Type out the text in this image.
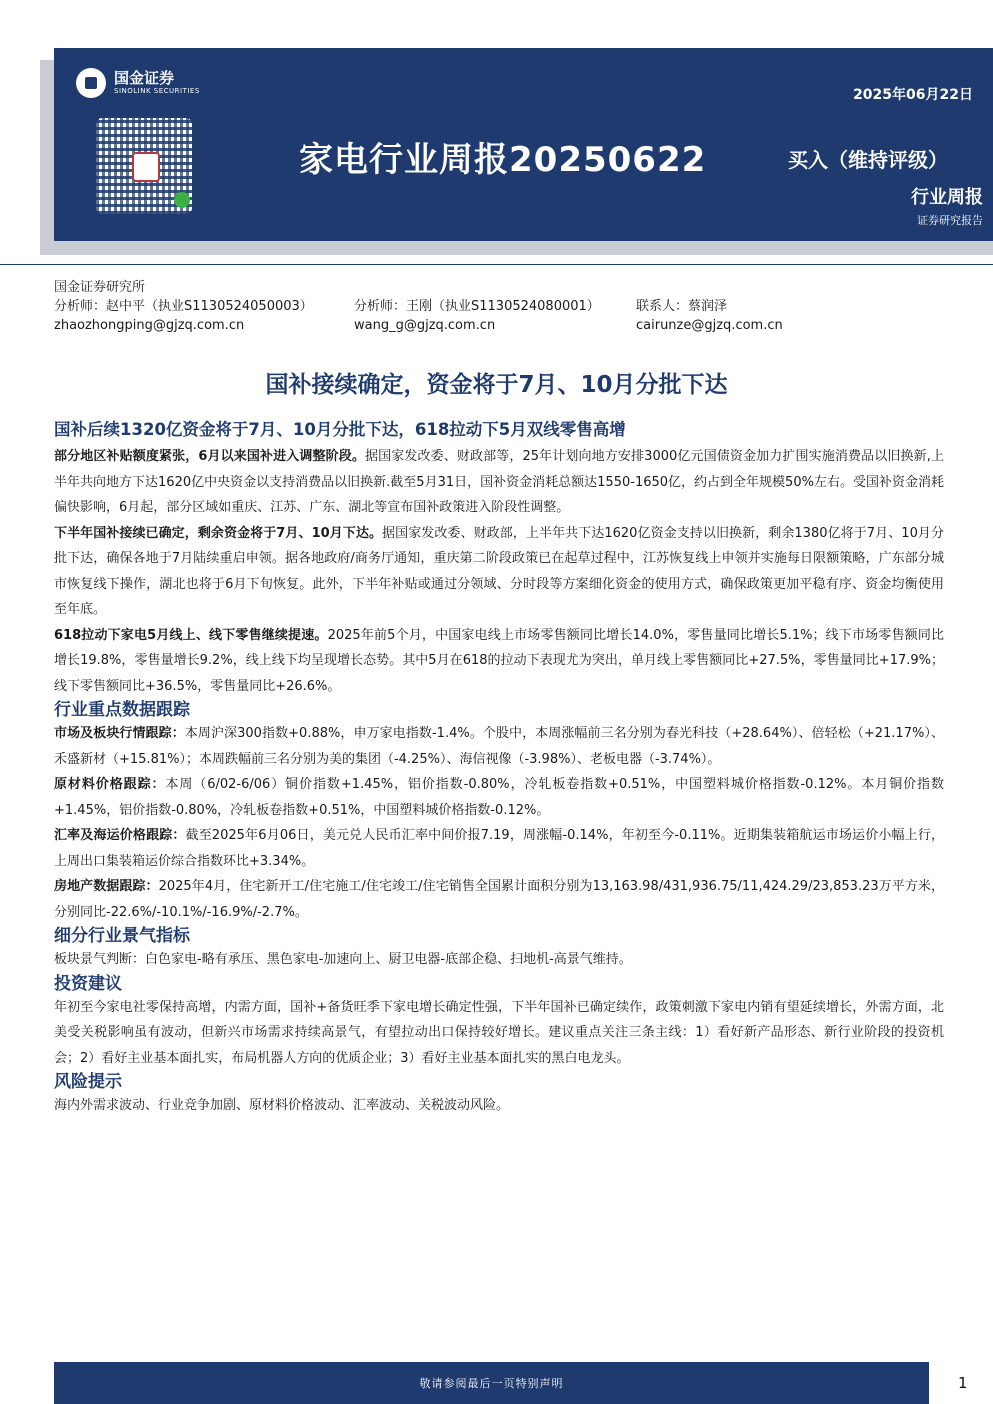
国金证券
SINOLINK SECURITIES	2025年06月22日
家电行业周报20250622	买入（维持评级）
行业周报
证券研究报告
国金证券研究所
分析师：赵中平（执业S1130524050003）	分析师：王刚（执业S1130524080001）	联系人：蔡润泽
zhaozhongping@gjzq.com.cn	wang_g@gjzq.com.cn	cairunze@gjzq.com.cn
国补接续确定，资金将于7月、10月分批下达
国补后续1320亿资金将于7月、10月分批下达，618拉动下5月双线零售高增

部分地区补贴额度紧张，6月以来国补进入调整阶段。据国家发改委、财政部等，25年计划向地方安排3000亿元国债资金加力扩围实施消费品以旧换新,上半年共向地方下达1620亿中央资金以支持消费品以旧换新.截至5月31日，国补资金消耗总额达1550-1650亿，约占到全年规模50%左右。受国补资金消耗偏快影响，6月起，部分区域如重庆、江苏、广东、湖北等宣布国补政策进入阶段性调整。

下半年国补接续已确定，剩余资金将于7月、10月下达。据国家发改委、财政部，上半年共下达1620亿资金支持以旧换新，剩余1380亿将于7月、10月分批下达，确保各地于7月陆续重启申领。据各地政府/商务厅通知，重庆第二阶段政策已在起草过程中，江苏恢复线上申领并实施每日限额策略，广东部分城市恢复线下操作，湖北也将于6月下旬恢复。此外，下半年补贴或通过分领域、分时段等方案细化资金的使用方式，确保政策更加平稳有序、资金均衡使用至年底。

618拉动下家电5月线上、线下零售继续提速。2025年前5个月，中国家电线上市场零售额同比增长14.0%，零售量同比增长5.1%；线下市场零售额同比增长19.8%，零售量增长9.2%，线上线下均呈现增长态势。其中5月在618的拉动下表现尤为突出，单月线上零售额同比+27.5%，零售量同比+17.9%；线下零售额同比+36.5%，零售量同比+26.6%。

行业重点数据跟踪

市场及板块行情跟踪：本周沪深300指数+0.88%，申万家电指数-1.4%。个股中，本周涨幅前三名分别为春光科技（+28.64%）、倍轻松（+21.17%）、禾盛新材（+15.81%）；本周跌幅前三名分别为美的集团（-4.25%）、海信视像（-3.98%）、老板电器（-3.74%）。

原材料价格跟踪：本周（6/02-6/06）铜价指数+1.45%，铝价指数-0.80%，冷轧板卷指数+0.51%，中国塑料城价格指数-0.12%。本月铜价指数+1.45%，铝价指数-0.80%，冷轧板卷指数+0.51%，中国塑料城价格指数-0.12%。

汇率及海运价格跟踪：截至2025年6月06日，美元兑人民币汇率中间价报7.19，周涨幅-0.14%，年初至今-0.11%。近期集装箱航运市场运价小幅上行，上周出口集装箱运价综合指数环比+3.34%。

房地产数据跟踪：2025年4月，住宅新开工/住宅施工/住宅竣工/住宅销售全国累计面积分别为13,163.98/431,936.75/11,424.29/23,853.23万平方米，分别同比-22.6%/-10.1%/-16.9%/-2.7%。

细分行业景气指标

板块景气判断：白色家电-略有承压、黑色家电-加速向上、厨卫电器-底部企稳、扫地机-高景气维持。

投资建议

年初至今家电社零保持高增，内需方面，国补+备货旺季下家电增长确定性强，下半年国补已确定续作，政策刺激下家电内销有望延续增长，外需方面，北美受关税影响虽有波动，但新兴市场需求持续高景气，有望拉动出口保持较好增长。建议重点关注三条主线：1）看好新产品形态、新行业阶段的投资机会；2）看好主业基本面扎实，布局机器人方向的优质企业；3）看好主业基本面扎实的黑白电龙头。

风险提示

海内外需求波动、行业竞争加剧、原材料价格波动、汇率波动、关税波动风险。

敬请参阅最后一页特别声明	1
